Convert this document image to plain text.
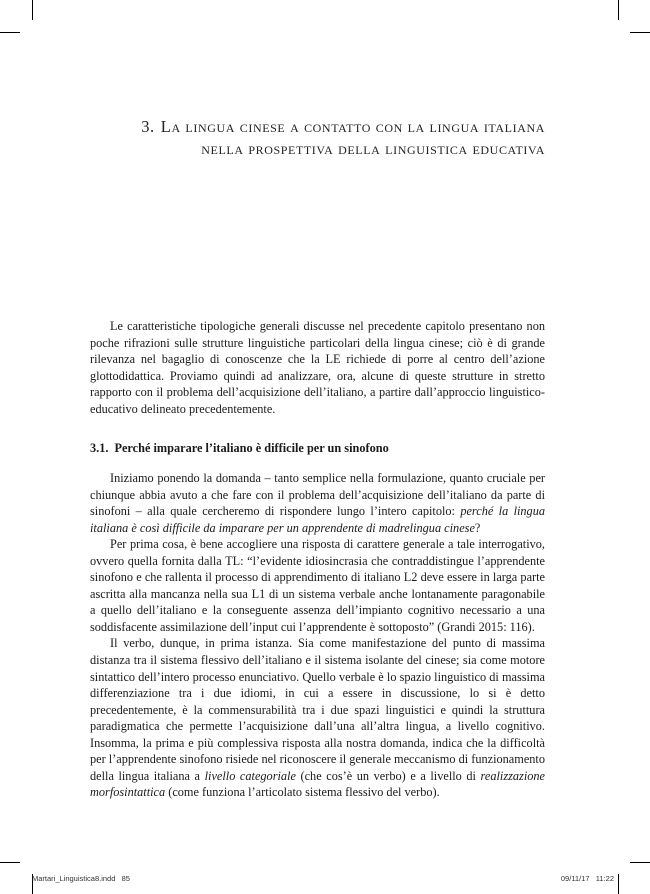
3. La lingua cinese a contatto con la lingua italiana
nella prospettiva della linguistica educativa

Le caratteristiche tipologiche generali discusse nel precedente capitolo presentano non poche rifrazioni sulle strutture linguistiche particolari della lingua cinese; ciò è di grande rilevanza nel bagaglio di conoscenze che la LE richiede di porre al centro dell’azione glottodidattica. Proviamo quindi ad analizzare, ora, alcune di queste strutture in stretto rapporto con il problema dell’acquisizione dell’italiano, a partire dall’approccio linguistico-educativo delineato precedentemente.

3.1. Perché imparare l’italiano è difficile per un sinofono

Iniziamo ponendo la domanda – tanto semplice nella formulazione, quanto cruciale per chiunque abbia avuto a che fare con il problema dell’acquisizione dell’italiano da parte di sinofoni – alla quale cercheremo di rispondere lungo l’intero capitolo: perché la lingua italiana è così difficile da imparare per un apprendente di madrelingua cinese?

Per prima cosa, è bene accogliere una risposta di carattere generale a tale interrogativo, ovvero quella fornita dalla TL: “l’evidente idiosincrasia che contraddistingue l’apprendente sinofono e che rallenta il processo di apprendimento di italiano L2 deve essere in larga parte ascritta alla mancanza nella sua L1 di un sistema verbale anche lontanamente paragonabile a quello dell’italiano e la conseguente assenza dell’impianto cognitivo necessario a una soddisfacente assimilazione dell’input cui l’apprendente è sottoposto” (Grandi 2015: 116).

Il verbo, dunque, in prima istanza. Sia come manifestazione del punto di massima distanza tra il sistema flessivo dell’italiano e il sistema isolante del cinese; sia come motore sintattico dell’intero processo enunciativo. Quello verbale è lo spazio linguistico di massima differenziazione tra i due idiomi, in cui a essere in discussione, lo si è detto precedentemente, è la commensurabilità tra i due spazi linguistici e quindi la struttura paradigmatica che permette l’acquisizione dall’una all’altra lingua, a livello cognitivo. Insomma, la prima e più complessiva risposta alla nostra domanda, indica che la difficoltà per l’apprendente sinofono risiede nel riconoscere il generale meccanismo di funzionamento della lingua italiana a livello categoriale (che cos’è un verbo) e a livello di realizzazione morfosintattica (come funziona l’articolato sistema flessivo del verbo).

Martari_Linguistica8.indd   85	09/11/17   11:22
